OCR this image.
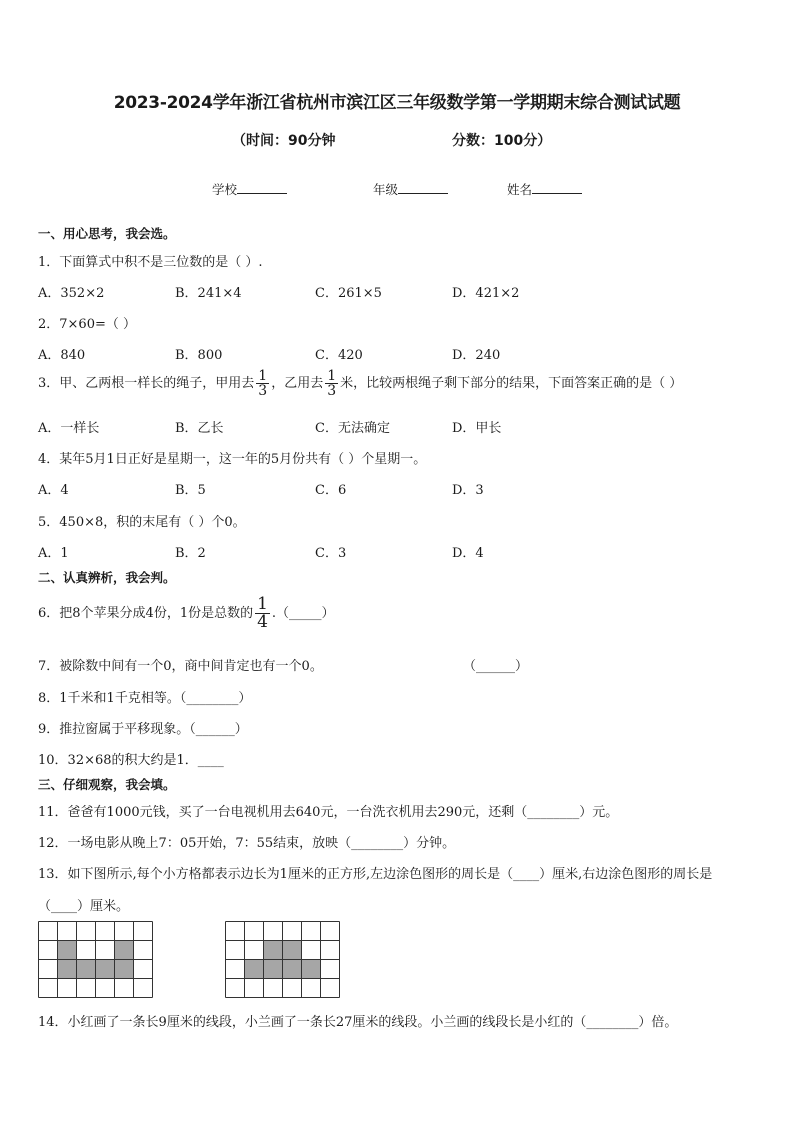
2023-2024学年浙江省杭州市滨江区三年级数学第一学期期末综合测试试题
（时间：90分钟	分数：100分）
学校	年级	姓名
一、用心思考，我会选。
1．下面算式中积不是三位数的是（ ）.
A．352×2	B．241×4	C．261×5	D．421×2
2．7×60=（ ）
A．840	B．800	C．420	D．240
3．甲、乙两根一样长的绳子，甲用去 $\frac{1}{3}$ ，乙用去 $\frac{1}{3}$ 米，比较两根绳子剩下部分的结果，下面答案正确的是（ ）
A．一样长	B．乙长	C．无法确定	D．甲长
4．某年5月1日正好是星期一，这一年的5月份共有（ ）个星期一。
A．4	B．5	C．6	D．3
5．450×8，积的末尾有（ ）个0。
A．1	B．2	C．3	D．4
二、认真辨析，我会判。
6．把8个苹果分成4份，1份是总数的 $\frac{1}{4}$ .（_____）
7．被除数中间有一个0，商中间肯定也有一个0。	（______）
8．1千米和1千克相等。（________）
9．推拉窗属于平移现象。（______）
10．32×68的积大约是1．____
三、仔细观察，我会填。
11．爸爸有1000元钱，买了一台电视机用去640元，一台洗衣机用去290元，还剩（________）元。
12．一场电影从晚上7：05开始，7：55结束，放映（________）分钟。
13．如下图所示,每个小方格都表示边长为1厘米的正方形,左边涂色图形的周长是（____）厘米,右边涂色图形的周长是
（____）厘米。
14．小红画了一条长9厘米的线段，小兰画了一条长27厘米的线段。小兰画的线段长是小红的（________）倍。
